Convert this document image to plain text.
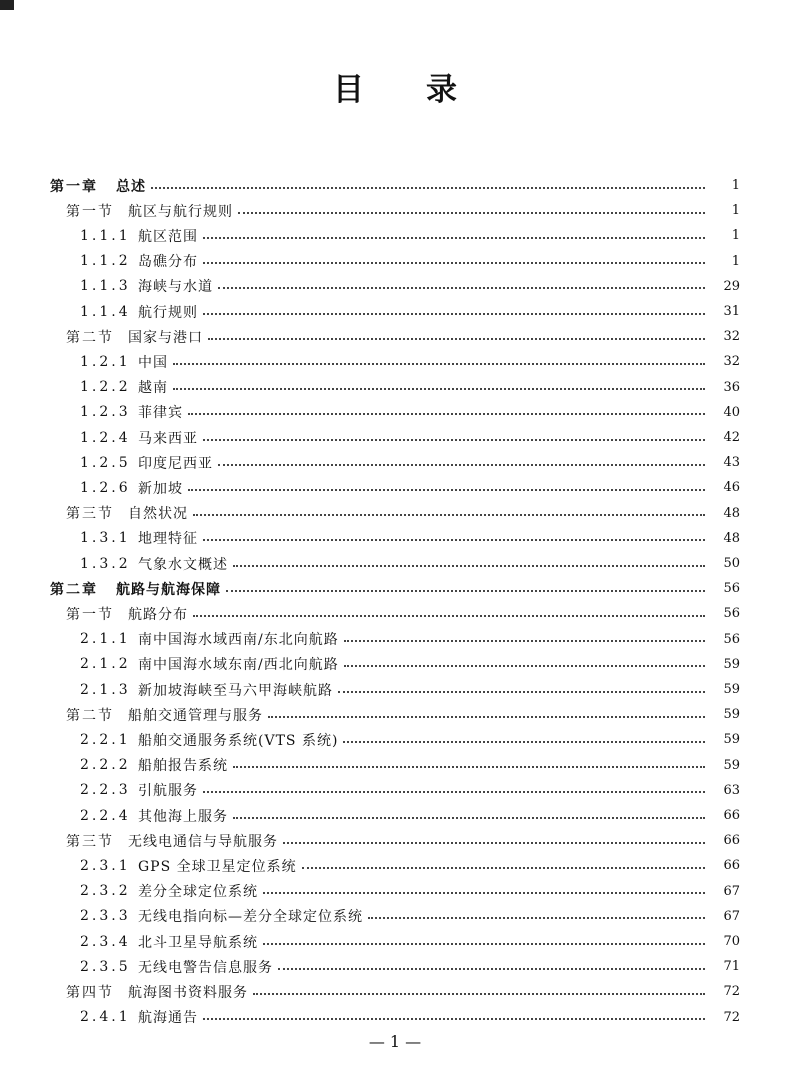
目 录
第一章 总述	1
第一节 航区与航行规则	1
1.1.1 航区范围	1
1.1.2 岛礁分布	1
1.1.3 海峡与水道	29
1.1.4 航行规则	31
第二节 国家与港口	32
1.2.1 中国	32
1.2.2 越南	36
1.2.3 菲律宾	40
1.2.4 马来西亚	42
1.2.5 印度尼西亚	43
1.2.6 新加坡	46
第三节 自然状况	48
1.3.1 地理特征	48
1.3.2 气象水文概述	50
第二章 航路与航海保障	56
第一节 航路分布	56
2.1.1 南中国海水域西南/东北向航路	56
2.1.2 南中国海水域东南/西北向航路	59
2.1.3 新加坡海峡至马六甲海峡航路	59
第二节 船舶交通管理与服务	59
2.2.1 船舶交通服务系统(VTS 系统)	59
2.2.2 船舶报告系统	59
2.2.3 引航服务	63
2.2.4 其他海上服务	66
第三节 无线电通信与导航服务	66
2.3.1 GPS 全球卫星定位系统	66
2.3.2 差分全球定位系统	67
2.3.3 无线电指向标—差分全球定位系统	67
2.3.4 北斗卫星导航系统	70
2.3.5 无线电警告信息服务	71
第四节 航海图书资料服务	72
2.4.1 航海通告	72
— 1 —
